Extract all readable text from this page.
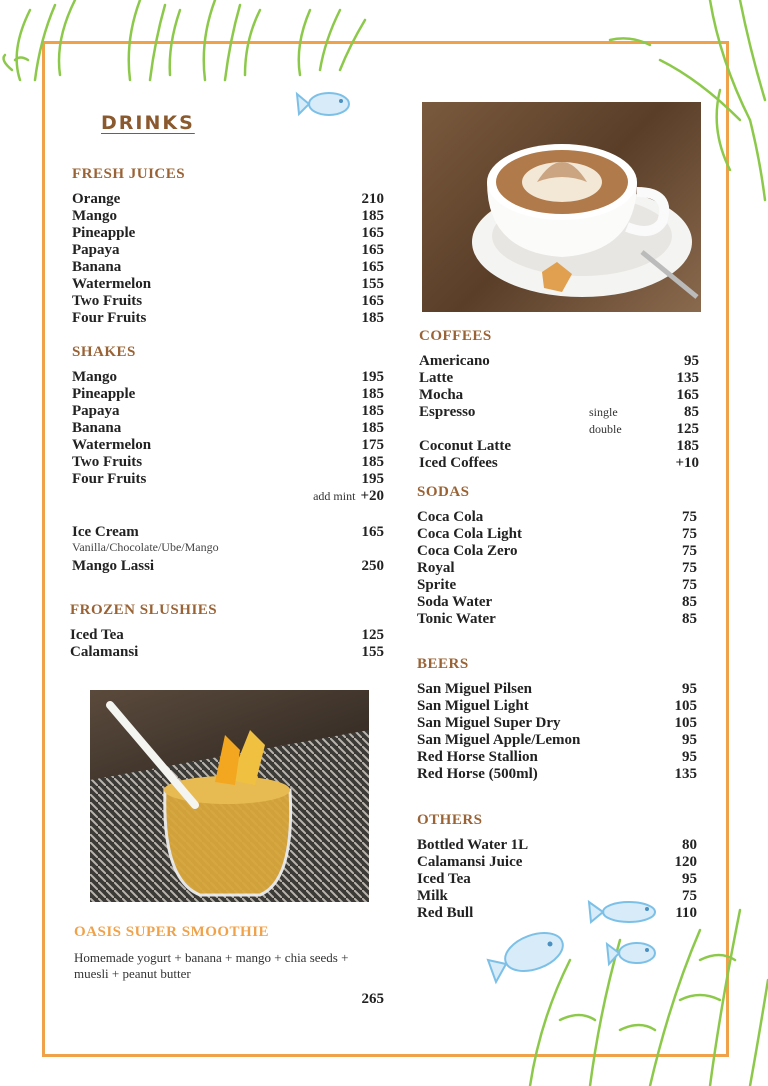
DRINKS
FRESH JUICES
Orange	210
Mango	185
Pineapple	165
Papaya	165
Banana	165
Watermelon	155
Two Fruits	165
Four Fruits	185
SHAKES
Mango	195
Pineapple	185
Papaya	185
Banana	185
Watermelon	175
Two Fruits	185
Four Fruits	195
add mint +20
Ice Cream	165
Vanilla/Chocolate/Ube/Mango
Mango Lassi	250
FROZEN SLUSHIES
Iced Tea	125
Calamansi	155
OASIS SUPER SMOOTHIE
Homemade yogurt + banana + mango + chia seeds + muesli + peanut butter
265
COFFEES
Americano	95
Latte	135
Mocha	165
Espresso	single	85
double	125
Coconut Latte	185
Iced Coffees	+10
SODAS
Coca Cola	75
Coca Cola Light	75
Coca Cola Zero	75
Royal	75
Sprite	75
Soda Water	85
Tonic Water	85
BEERS
San Miguel Pilsen	95
San Miguel Light	105
San Miguel Super Dry	105
San Miguel Apple/Lemon	95
Red Horse Stallion	95
Red Horse (500ml)	135
OTHERS
Bottled Water 1L	80
Calamansi Juice	120
Iced Tea	95
Milk	75
Red Bull	110
